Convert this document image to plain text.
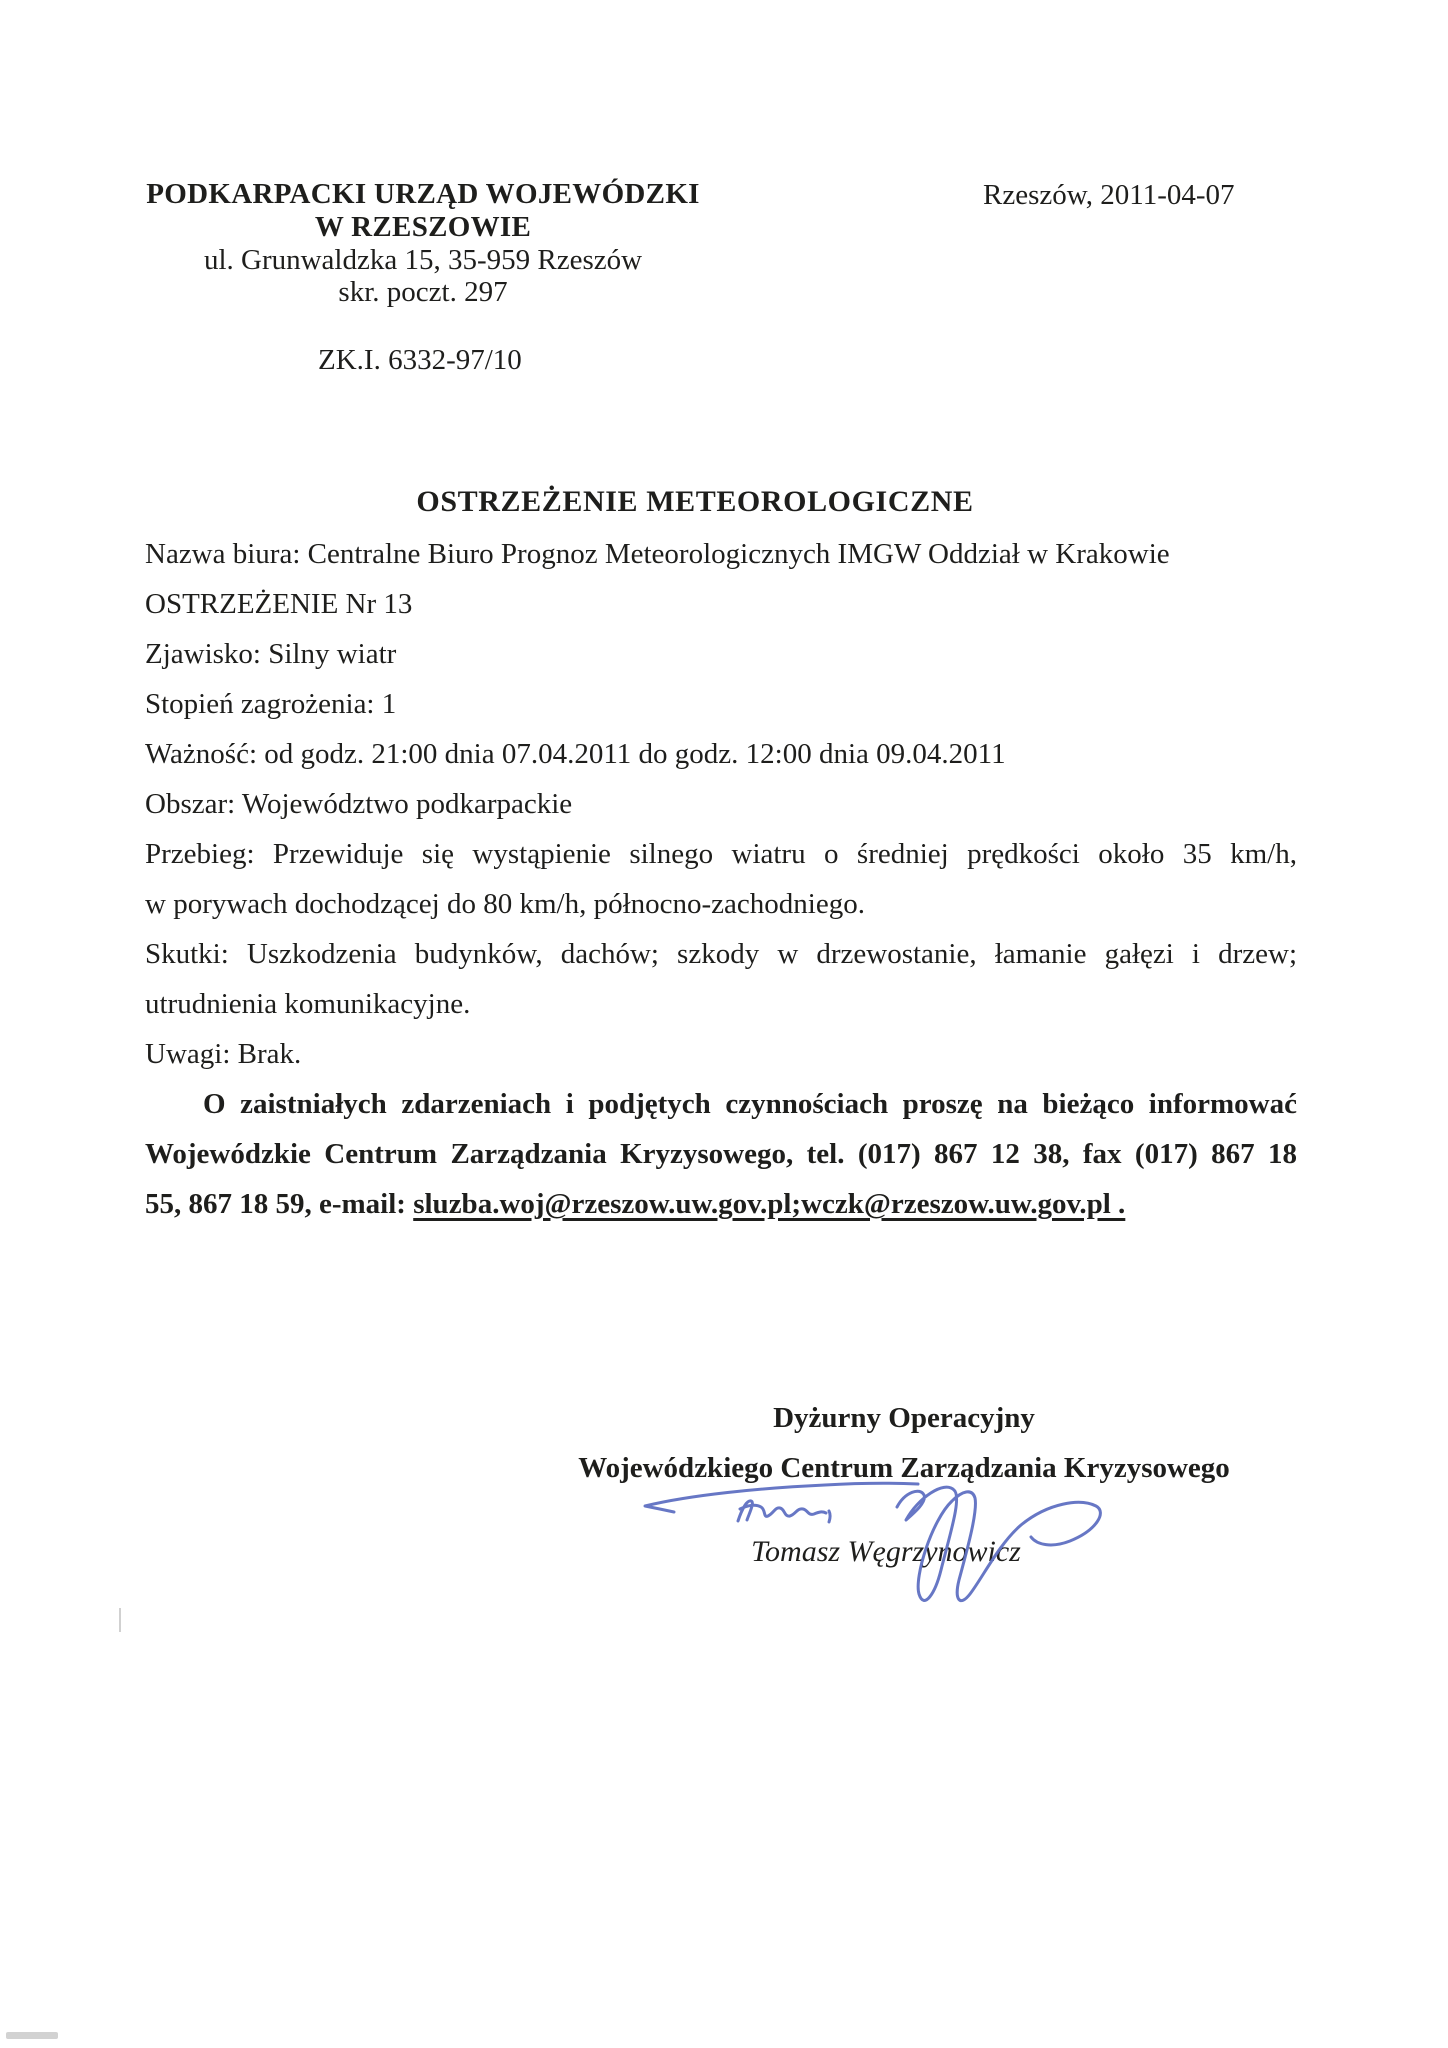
PODKARPACKI URZĄD WOJEWÓDZKI
W RZESZOWIE
ul. Grunwaldzka 15, 35-959 Rzeszów
skr. poczt. 297
Rzeszów, 2011-04-07
ZK.I. 6332-97/10
OSTRZEŻENIE METEOROLOGICZNE
Nazwa biura: Centralne Biuro Prognoz Meteorologicznych IMGW Oddział w Krakowie
OSTRZEŻENIE Nr 13
Zjawisko: Silny wiatr
Stopień zagrożenia: 1
Ważność: od godz. 21:00 dnia 07.04.2011 do godz. 12:00 dnia 09.04.2011
Obszar: Województwo podkarpackie
Przebieg: Przewiduje się wystąpienie silnego wiatru o średniej prędkości około 35 km/h,
w porywach dochodzącej do 80 km/h, północno-zachodniego.
Skutki: Uszkodzenia budynków, dachów; szkody w drzewostanie, łamanie gałęzi i drzew;
utrudnienia komunikacyjne.
Uwagi: Brak.
O zaistniałych zdarzeniach i podjętych czynnościach proszę na bieżąco informować
Wojewódzkie Centrum Zarządzania Kryzysowego, tel. (017) 867 12 38, fax (017) 867 18
55, 867 18 59, e-mail: sluzba.woj@rzeszow.uw.gov.pl;wczk@rzeszow.uw.gov.pl .
Dyżurny Operacyjny
Wojewódzkiego Centrum Zarządzania Kryzysowego
Tomasz Węgrzynowicz
